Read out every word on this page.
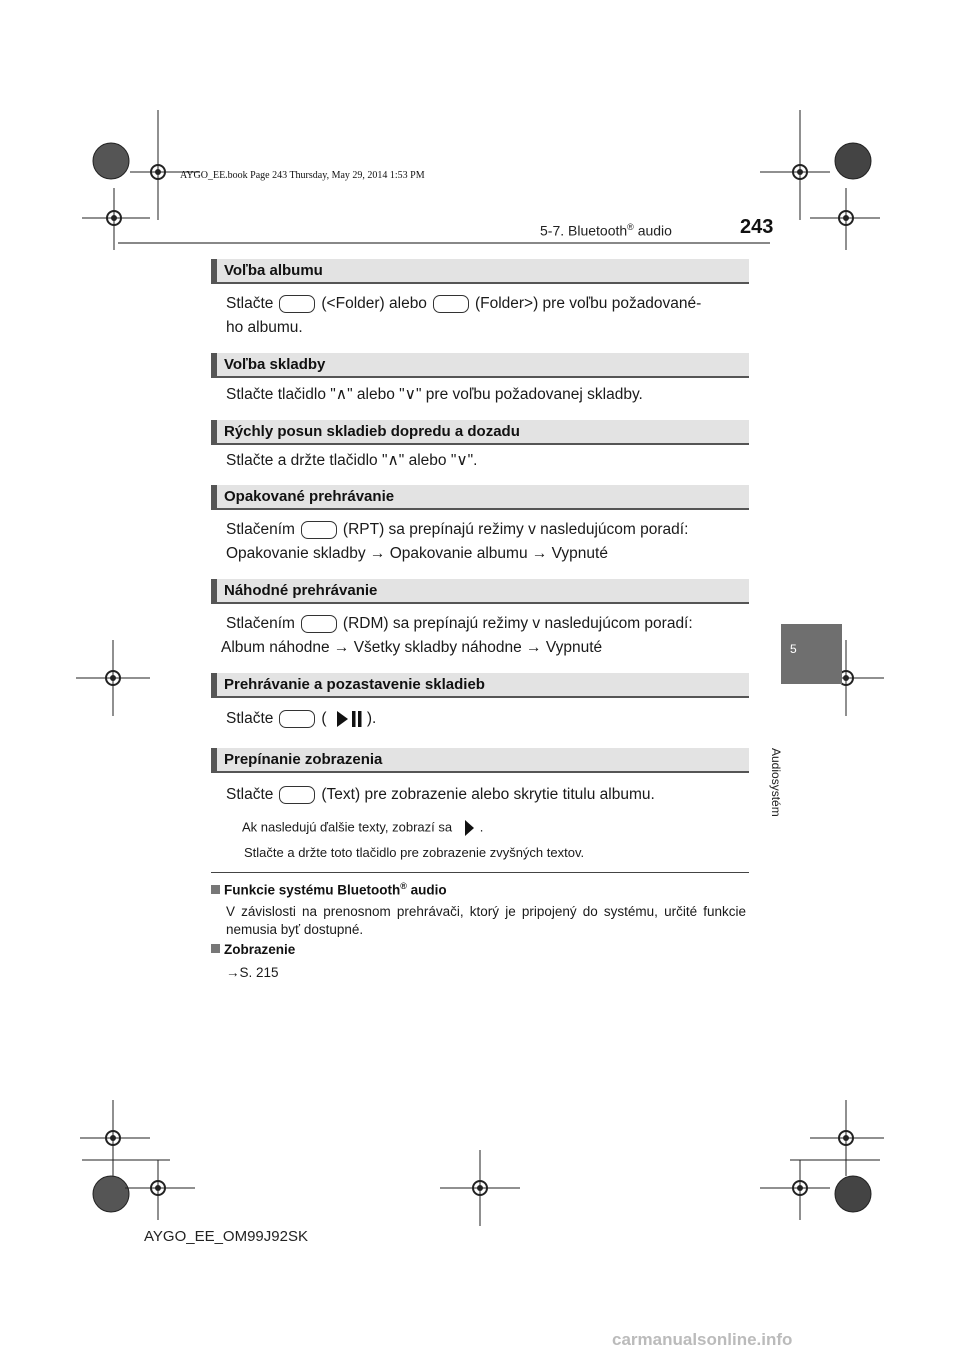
AYGO_EE.book Page 243 Thursday, May 29, 2014 1:53 PM
5-7. Bluetooth® audio	243
5
Audiosystém
Voľba albumu
Stlačte	(<Folder) alebo	(Folder>) pre voľbu požadované-
ho albumu.
Voľba skladby
Stlačte tlačidlo "∧" alebo "∨" pre voľbu požadovanej skladby.
Rýchly posun skladieb dopredu a dozadu
Stlačte a držte tlačidlo "∧" alebo "∨".
Opakované prehrávanie
Stlačením	(RPT) sa prepínajú režimy v nasledujúcom poradí:
Opakovanie skladby → Opakovanie albumu → Vypnuté
Náhodné prehrávanie
Stlačením	(RDM) sa prepínajú režimy v nasledujúcom poradí:
Album náhodne → Všetky skladby náhodne → Vypnuté
Prehrávanie a pozastavenie skladieb
Stlačte	(	).
Prepínanie zobrazenia
Stlačte	(Text) pre zobrazenie alebo skrytie titulu albumu.
Ak nasledujú ďalšie texty, zobrazí sa .
Stlačte a držte toto tlačidlo pre zobrazenie zvyšných textov.
Funkcie systému Bluetooth® audio
V závislosti na prenosnom prehrávači, ktorý je pripojený do systému, určité funkcie nemusia byť dostupné.
Zobrazenie
→S. 215
AYGO_EE_OM99J92SK
carmanualsonline.info
